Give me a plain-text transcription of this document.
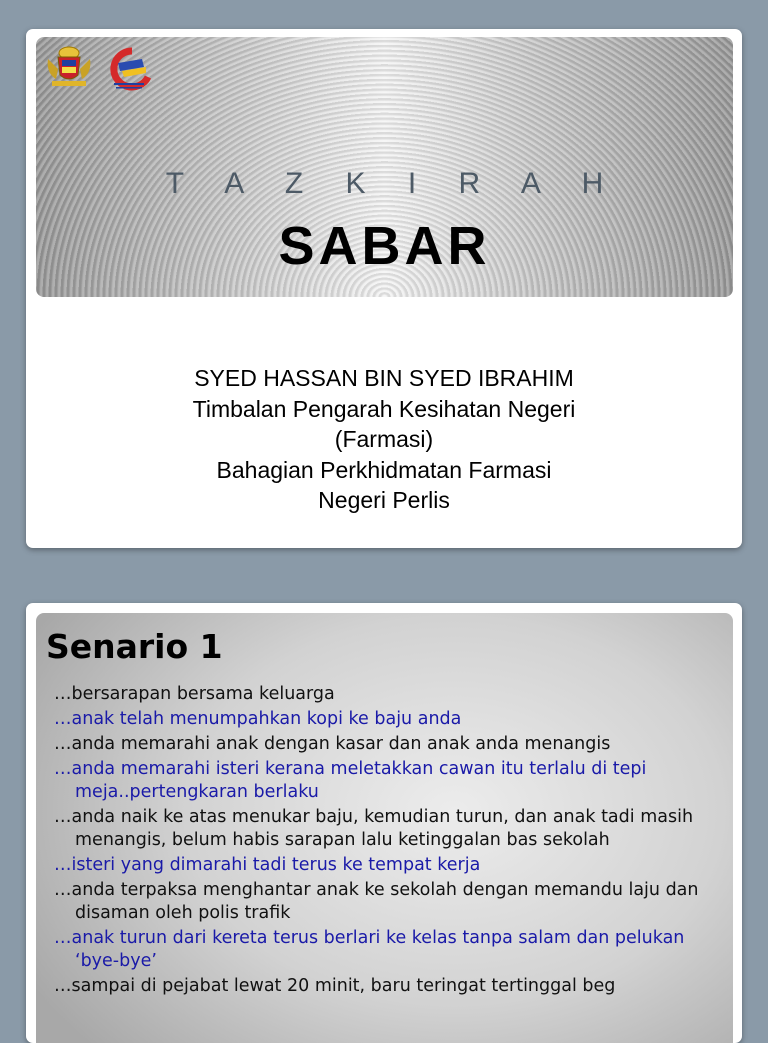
T A Z K I R A H
SABAR
SYED HASSAN BIN SYED IBRAHIM
Timbalan Pengarah Kesihatan Negeri
(Farmasi)
Bahagian Perkhidmatan Farmasi
Negeri Perlis
Senario 1
…bersarapan bersama keluarga
…anak telah menumpahkan kopi ke baju anda
…anda memarahi anak dengan kasar dan anak anda menangis
…anda memarahi isteri kerana meletakkan cawan itu terlalu di tepi meja..pertengkaran berlaku
…anda naik ke atas menukar baju, kemudian turun, dan anak tadi masih menangis, belum habis sarapan lalu ketinggalan bas sekolah
…isteri yang dimarahi tadi terus ke tempat kerja
…anda terpaksa menghantar anak ke sekolah dengan memandu laju dan disaman oleh polis trafik
…anak turun dari kereta terus berlari ke kelas tanpa salam dan pelukan ‘bye-bye’
…sampai di pejabat lewat 20 minit, baru teringat tertinggal beg
